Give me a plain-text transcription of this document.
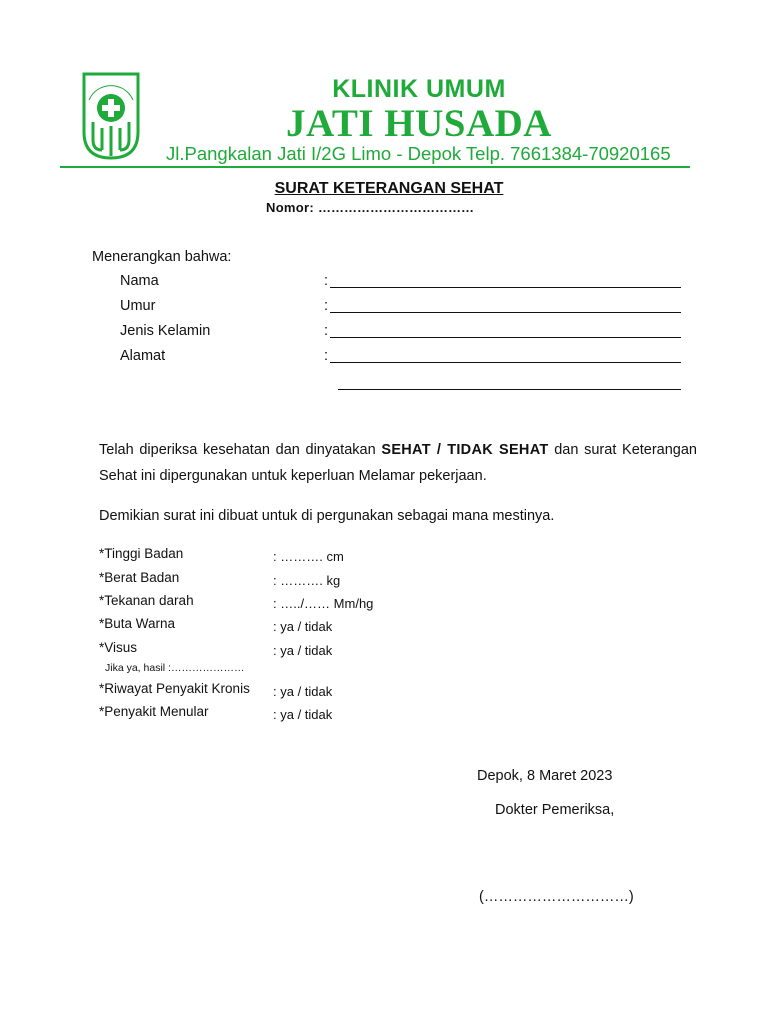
KLINIK UMUM
JATI HUSADA
Jl.Pangkalan Jati I/2G Limo - Depok Telp. 7661384-70920165
SURAT KETERANGAN SEHAT
Nomor: ………………………………
Menerangkan bahwa:
Nama	:
Umur	:
Jenis Kelamin	:
Alamat	:
Telah diperiksa kesehatan dan dinyatakan SEHAT / TIDAK SEHAT dan surat Keterangan Sehat ini dipergunakan untuk keperluan Melamar pekerjaan.
Demikian surat ini dibuat untuk di pergunakan sebagai mana mestinya.
*Tinggi Badan	: ………. cm
*Berat Badan	: ………. kg
*Tekanan darah	: …../…… Mm/hg
*Buta Warna	: ya / tidak
*Visus	: ya / tidak
Jika ya, hasil :…………………
*Riwayat Penyakit Kronis : ya / tidak
*Penyakit Menular	: ya / tidak
Depok, 8 Maret 2023
Dokter Pemeriksa,
(…………………………)
